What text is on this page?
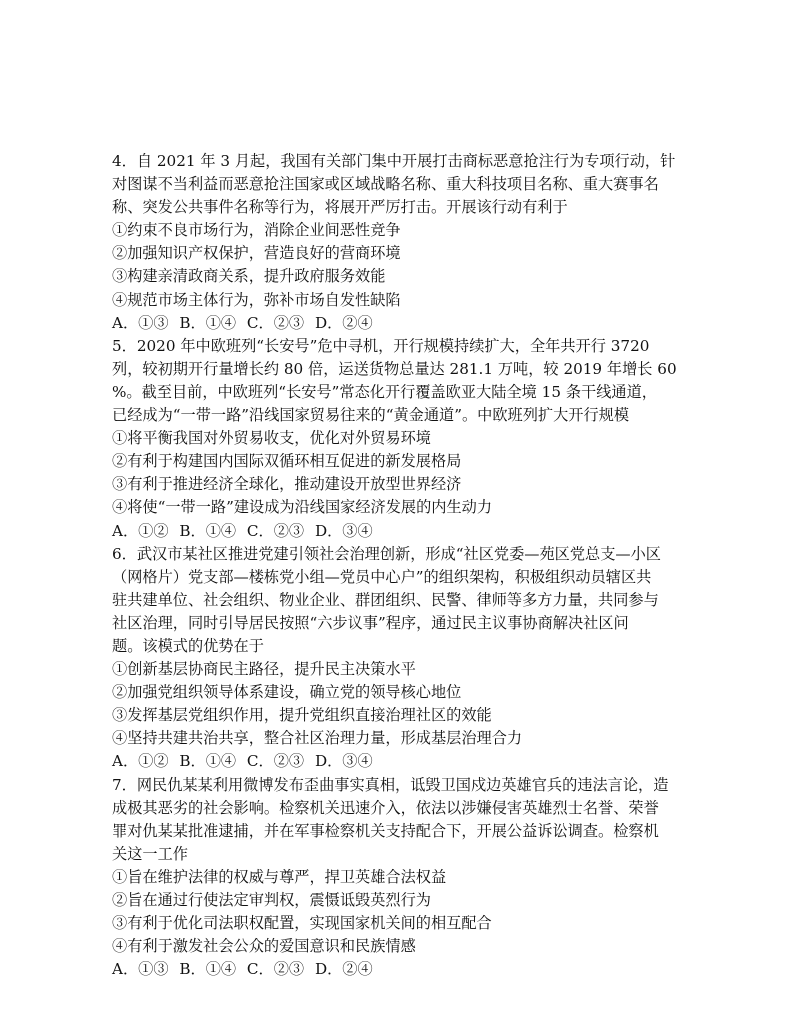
4．自 2021 年 3 月起，我国有关部门集中开展打击商标恶意抢注行为专项行动，针
对图谋不当利益而恶意抢注国家或区域战略名称、重大科技项目名称、重大赛事名
称、突发公共事件名称等行为，将展开严厉打击。开展该行动有利于
①约束不良市场行为，消除企业间恶性竞争
②加强知识产权保护，营造良好的营商环境
③构建亲清政商关系，提升政府服务效能
④规范市场主体行为，弥补市场自发性缺陷
A．①③ B．①④ C．②③ D．②④
5．2020 年中欧班列“长安号”危中寻机，开行规模持续扩大，全年共开行 3720
列，较初期开行量增长约 80 倍，运送货物总量达 281.1 万吨，较 2019 年增长 60
%。截至目前，中欧班列“长安号”常态化开行覆盖欧亚大陆全境 15 条干线通道，
已经成为“一带一路”沿线国家贸易往来的“黄金通道”。中欧班列扩大开行规模
①将平衡我国对外贸易收支，优化对外贸易环境
②有利于构建国内国际双循环相互促进的新发展格局
③有利于推进经济全球化，推动建设开放型世界经济
④将使“一带一路”建设成为沿线国家经济发展的内生动力
A．①② B．①④ C．②③ D．③④
6．武汉市某社区推进党建引领社会治理创新，形成“社区党委—苑区党总支—小区
（网格片）党支部—楼栋党小组—党员中心户”的组织架构，积极组织动员辖区共
驻共建单位、社会组织、物业企业、群团组织、民警、律师等多方力量，共同参与
社区治理，同时引导居民按照“六步议事”程序，通过民主议事协商解决社区问
题。该模式的优势在于
①创新基层协商民主路径，提升民主决策水平
②加强党组织领导体系建设，确立党的领导核心地位
③发挥基层党组织作用，提升党组织直接治理社区的效能
④坚持共建共治共享，整合社区治理力量，形成基层治理合力
A．①② B．①④ C．②③ D．③④
7．网民仇某某利用微博发布歪曲事实真相，诋毁卫国戍边英雄官兵的违法言论，造
成极其恶劣的社会影响。检察机关迅速介入，依法以涉嫌侵害英雄烈士名誉、荣誉
罪对仇某某批准逮捕，并在军事检察机关支持配合下，开展公益诉讼调查。检察机
关这一工作
①旨在维护法律的权威与尊严，捍卫英雄合法权益
②旨在通过行使法定审判权，震慑诋毁英烈行为
③有利于优化司法职权配置，实现国家机关间的相互配合
④有利于激发社会公众的爱国意识和民族情感
A．①③ B．①④ C．②③ D．②④
